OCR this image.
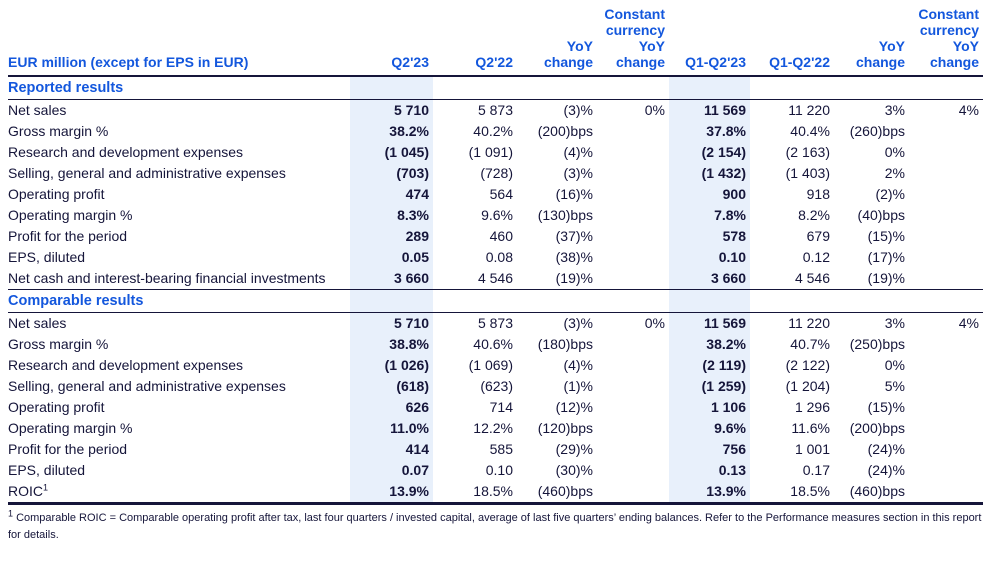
EUR million (except for EPS in EUR)	Q2'23	Q2'22	YoY change	Constant currency YoY change	Q1-Q2'23	Q1-Q2'22	YoY change	Constant currency YoY change
Reported results								
Net sales	5 710	5 873	(3)%	0%	11 569	11 220	3%	4%
Gross margin %	38.2%	40.2%	(200)bps		37.8%	40.4%	(260)bps	
Research and development expenses	(1 045)	(1 091)	(4)%		(2 154)	(2 163)	0%	
Selling, general and administrative expenses	(703)	(728)	(3)%		(1 432)	(1 403)	2%	
Operating profit	474	564	(16)%		900	918	(2)%	
Operating margin %	8.3%	9.6%	(130)bps		7.8%	8.2%	(40)bps	
Profit for the period	289	460	(37)%		578	679	(15)%	
EPS, diluted	0.05	0.08	(38)%		0.10	0.12	(17)%	
Net cash and interest-bearing financial investments	3 660	4 546	(19)%		3 660	4 546	(19)%	
Comparable results								
Net sales	5 710	5 873	(3)%	0%	11 569	11 220	3%	4%
Gross margin %	38.8%	40.6%	(180)bps		38.2%	40.7%	(250)bps	
Research and development expenses	(1 026)	(1 069)	(4)%		(2 119)	(2 122)	0%	
Selling, general and administrative expenses	(618)	(623)	(1)%		(1 259)	(1 204)	5%	
Operating profit	626	714	(12)%		1 106	1 296	(15)%	
Operating margin %	11.0%	12.2%	(120)bps		9.6%	11.6%	(200)bps	
Profit for the period	414	585	(29)%		756	1 001	(24)%	
EPS, diluted	0.07	0.10	(30)%		0.13	0.17	(24)%	
ROIC$^1$	13.9%	18.5%	(460)bps		13.9%	18.5%	(460)bps	
$^1$ Comparable ROIC = Comparable operating profit after tax, last four quarters / invested capital, average of last five quarters’ ending balances. Refer to the Performance measures section in this report for details.
